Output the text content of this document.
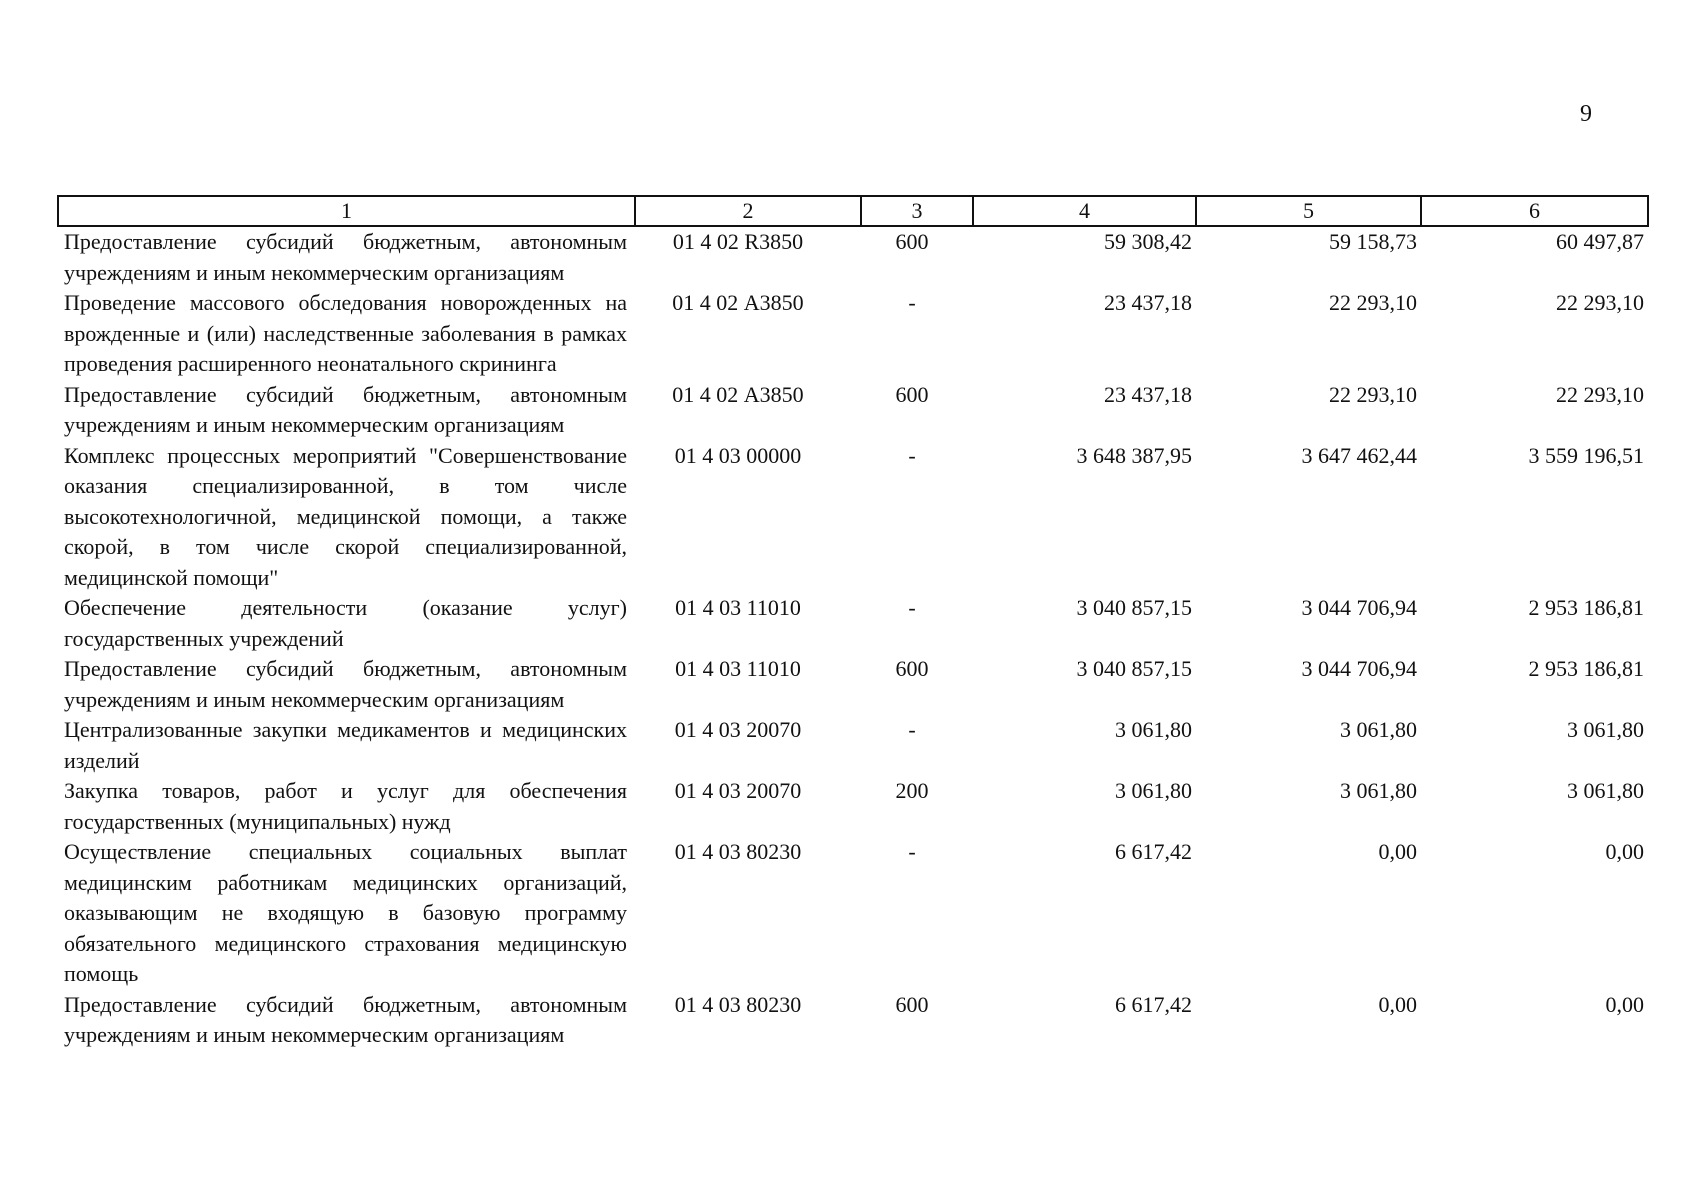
9
1	2	3	4	5	6
Предоставление субсидий бюджетным, автономным учреждениям и иным некоммерческим организациям	01 4 02 R3850	600	59 308,42	59 158,73	60 497,87
Проведение массового обследования новорожденных на врожденные и (или) наследственные заболевания в рамках проведения расширенного неонатального скрининга	01 4 02 А3850	-	23 437,18	22 293,10	22 293,10
Предоставление субсидий бюджетным, автономным учреждениям и иным некоммерческим организациям	01 4 02 А3850	600	23 437,18	22 293,10	22 293,10
Комплекс процессных мероприятий "Совершенствование оказания специализированной, в том числе высокотехнологичной, медицинской помощи, а также скорой, в том числе скорой специализированной, медицинской помощи"	01 4 03 00000	-	3 648 387,95	3 647 462,44	3 559 196,51
Обеспечение деятельности (оказание услуг) государственных учреждений	01 4 03 11010	-	3 040 857,15	3 044 706,94	2 953 186,81
Предоставление субсидий бюджетным, автономным учреждениям и иным некоммерческим организациям	01 4 03 11010	600	3 040 857,15	3 044 706,94	2 953 186,81
Централизованные закупки медикаментов и медицинских изделий	01 4 03 20070	-	3 061,80	3 061,80	3 061,80
Закупка товаров, работ и услуг для обеспечения государственных (муниципальных) нужд	01 4 03 20070	200	3 061,80	3 061,80	3 061,80
Осуществление специальных социальных выплат медицинским работникам медицинских организаций, оказывающим не входящую в базовую программу обязательного медицинского страхования медицинскую помощь	01 4 03 80230	-	6 617,42	0,00	0,00
Предоставление субсидий бюджетным, автономным учреждениям и иным некоммерческим организациям	01 4 03 80230	600	6 617,42	0,00	0,00
